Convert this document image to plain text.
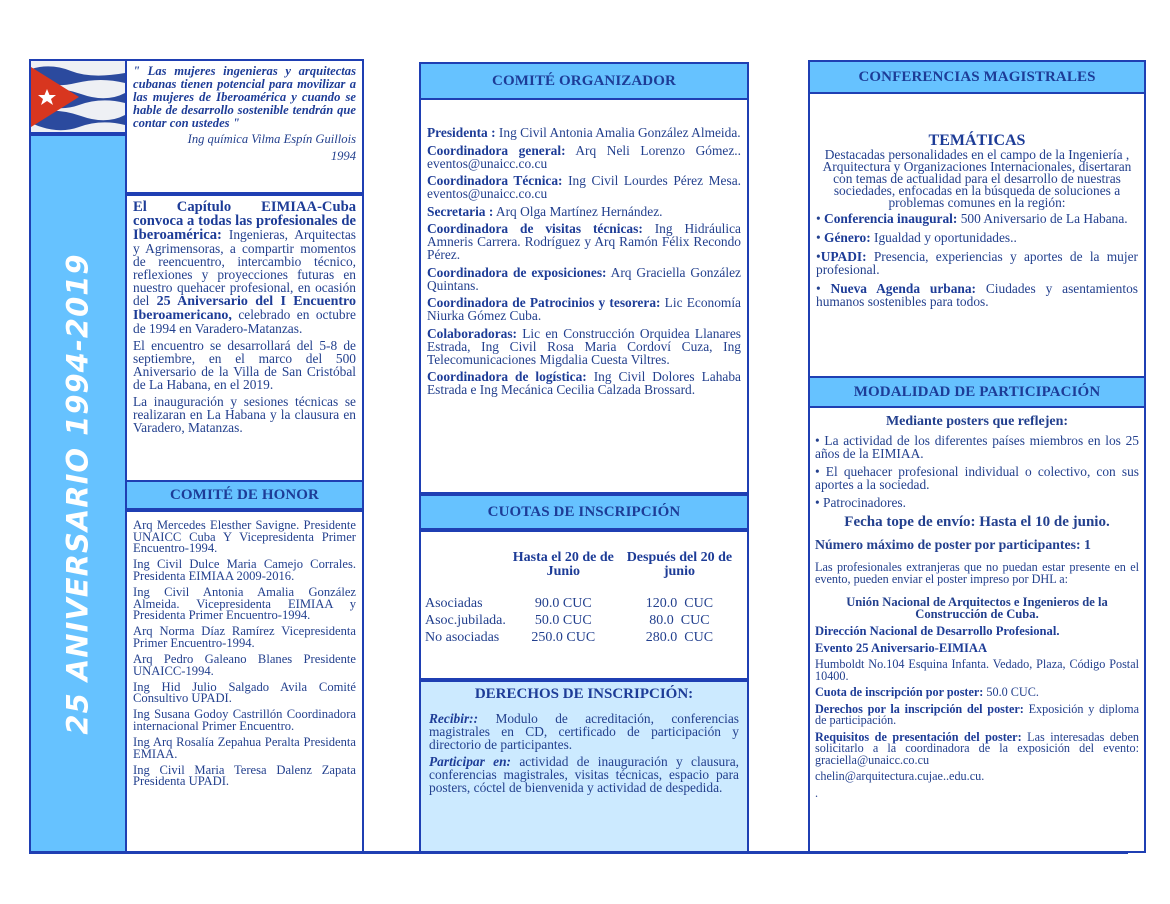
25 ANIVERSARIO 1994-2019

" Las mujeres ingenieras y arquitectas cubanas tienen potencial para movilizar a las mujeres de Iberoamérica y cuando se hable de desarrollo sostenible tendrán que contar con ustedes "

Ing química Vilma Espín Guillois

1994

El Capítulo EIMIAA-Cuba convoca a todas las profesionales de Iberoamérica: Ingenieras, Arquitectas y Agrimensoras, a compartir momentos de reencuentro, intercambio técnico, reflexiones y proyecciones futuras en nuestro quehacer profesional, en ocasión del 25 Aniversario del I Encuentro Iberoamericano, celebrado en octubre de 1994 en Varadero-Matanzas.

El encuentro se desarrollará del 5-8 de septiembre, en el marco del 500 Aniversario de la Villa de San Cristóbal de La Habana, en el 2019.

La inauguración y sesiones técnicas se realizaran en La Habana y la clausura en Varadero, Matanzas.

COMITÉ DE HONOR

Arq Mercedes Elesther Savigne. Presidente UNAICC Cuba Y Vicepresidenta Primer Encuentro-1994.

Ing Civil Dulce Maria Camejo Corrales. Presidenta EIMIAA 2009-2016.

Ing Civil Antonia Amalia González Almeida. Vicepresidenta EIMIAA y Presidenta Primer Encuentro-1994.

Arq Norma Díaz Ramírez Vicepresidenta Primer Encuentro-1994.

Arq Pedro Galeano Blanes Presidente UNAICC-1994.

Ing Hid Julio Salgado Avila Comité Consultivo UPADI.

Ing Susana Godoy Castrillón Coordinadora internacional Primer Encuentro.

Ing Arq Rosalía Zepahua Peralta Presidenta EMIAA.

Ing Civil Maria Teresa Dalenz Zapata Presidenta UPADI.

COMITÉ ORGANIZADOR

Presidenta : Ing Civil Antonia Amalia González Almeida.

Coordinadora general: Arq Neli Lorenzo Gómez..        eventos@unaicc.co.cu

Coordinadora Técnica: Ing Civil Lourdes Pérez Mesa.        eventos@unaicc.co.cu

Secretaria : Arq Olga Martínez Hernández.

Coordinadora de visitas técnicas: Ing Hidráulica Amneris Carrera. Rodríguez y Arq Ramón Félix Recondo Pérez.

Coordinadora de exposiciones: Arq Graciella González Quintans.

Coordinadora de Patrocinios y tesorera: Lic Economía Niurka Gómez Cuba.

Colaboradoras: Lic en Construcción Orquidea Llanares Estrada, Ing Civil Rosa Maria Cordoví Cuza, Ing Telecomunicaciones Migdalia Cuesta Viltres.

Coordinadora de logística: Ing Civil Dolores Lahaba Estrada e Ing Mecánica Cecilia Calzada Brossard.

CUOTAS DE INSCRIPCIÓN
	Hasta el 20 de de Junio	Después del 20 de junio
Asociadas	90.0 CUC	120.0  CUC
Asoc.jubilada.	50.0 CUC	80.0  CUC
No asociadas	250.0 CUC	280.0  CUC

DERECHOS DE INSCRIPCIÓN:

Recibir:: Modulo de acreditación, conferencias magistrales en CD, certificado de participación y directorio de participantes.

Participar en: actividad de inauguración y clausura, conferencias magistrales, visitas técnicas, espacio para posters, cóctel de bienvenida y actividad de despedida.

CONFERENCIAS MAGISTRALES

TEMÁTICAS

Destacadas personalidades en el campo de la Ingeniería , Arquitectura y Organizaciones Internacionales, disertaran con temas de actualidad para el desarrollo de nuestras sociedades, enfocadas en la búsqueda de soluciones a problemas comunes en la región:

• Conferencia inaugural: 500 Aniversario de La Habana.

• Género: Igualdad y oportunidades..

•UPADI: Presencia, experiencias y aportes de la mujer profesional.

• Nueva Agenda urbana: Ciudades y asentamientos humanos sostenibles para todos.

MODALIDAD DE PARTICIPACIÓN

Mediante posters que reflejen:

• La actividad de los diferentes países miembros en los 25 años de la EIMIAA.

• El quehacer profesional individual o colectivo, con sus aportes a la sociedad.

• Patrocinadores.

Fecha tope de envío: Hasta el 10 de junio.

Número máximo de poster por participantes: 1

Las profesionales extranjeras que no puedan estar presente en el evento, pueden enviar el poster impreso por DHL a:

Unión Nacional de Arquitectos e Ingenieros de la Construcción de Cuba.

Dirección Nacional de Desarrollo Profesional.

Evento 25 Aniversario-EIMIAA

Humboldt No.104 Esquina Infanta. Vedado, Plaza, Código Postal 10400.

Cuota de inscripción por poster: 50.0 CUC.

Derechos por la inscripción del poster: Exposición y diploma de participación.

Requisitos de presentación del poster: Las interesadas deben solicitarlo a la coordinadora de la exposición del evento: graciella@unaicc.co.cu

chelin@arquitectura.cujae..edu.cu.

.
